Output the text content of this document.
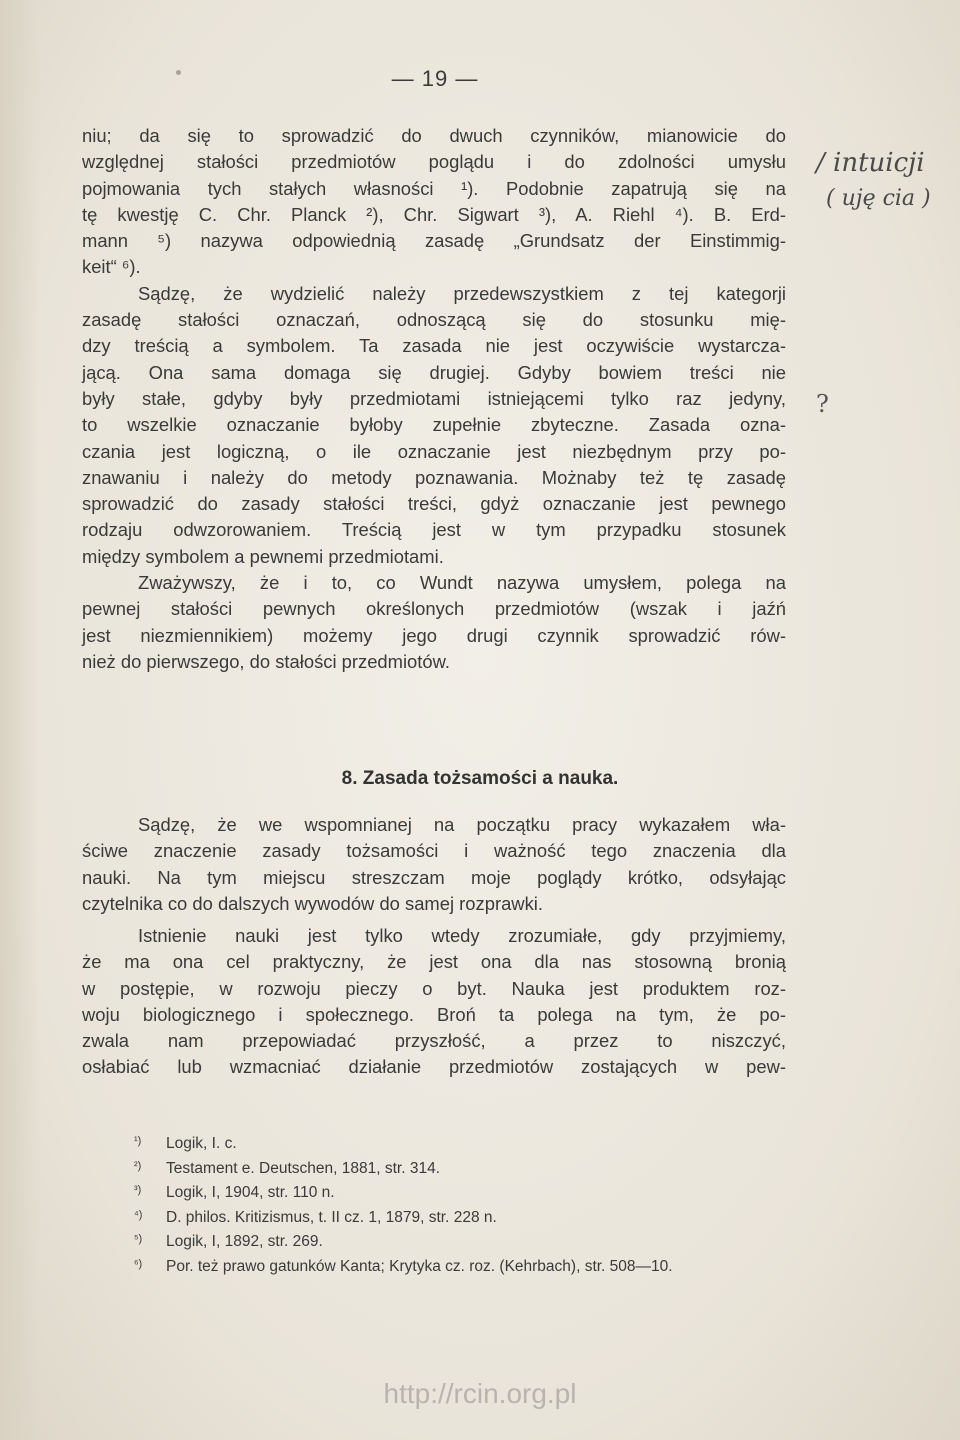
— 19 —
niu; da się to sprowadzić do dwuch czynników, mianowicie do
względnej stałości przedmiotów poglądu i do zdolności umysłu
pojmowania tych stałych własności ¹). Podobnie zapatrują się na
tę kwestję C. Chr. Planck ²), Chr. Sigwart ³), A. Riehl ⁴). B. Erd-
mann ⁵) nazywa odpowiednią zasadę „Grundsatz der Einstimmig-
keit“ ⁶).
Sądzę, że wydzielić należy przedewszystkiem z tej kategorji
zasadę stałości oznaczań, odnoszącą się do stosunku mię-
dzy treścią a symbolem. Ta zasada nie jest oczywiście wystarcza-
jącą. Ona sama domaga się drugiej. Gdyby bowiem treści nie
były stałe, gdyby były przedmiotami istniejącemi tylko raz jedyny,
to wszelkie oznaczanie byłoby zupełnie zbyteczne. Zasada ozna-
czania jest logiczną, o ile oznaczanie jest niezbędnym przy po-
znawaniu i należy do metody poznawania. Możnaby też tę zasadę
sprowadzić do zasady stałości treści, gdyż oznaczanie jest pewnego
rodzaju odwzorowaniem. Treścią jest w tym przypadku stosunek
między symbolem a pewnemi przedmiotami.
Zważywszy, że i to, co Wundt nazywa umysłem, polega na
pewnej stałości pewnych określonych przedmiotów (wszak i jaźń
jest niezmiennikiem) możemy jego drugi czynnik sprowadzić rów-
nież do pierwszego, do stałości przedmiotów.
8. Zasada tożsamości a nauka.
Sądzę, że we wspomnianej na początku pracy wykazałem wła-
ściwe znaczenie zasady tożsamości i ważność tego znaczenia dla
nauki. Na tym miejscu streszczam moje poglądy krótko, odsyłając
czytelnika co do dalszych wywodów do samej rozprawki.
Istnienie nauki jest tylko wtedy zrozumiałe, gdy przyjmiemy,
że ma ona cel praktyczny, że jest ona dla nas stosowną bronią
w postępie, w rozwoju pieczy o byt. Nauka jest produktem roz-
woju biologicznego i społecznego. Broń ta polega na tym, że po-
zwala nam przepowiadać przyszłość, a przez to niszczyć,
osłabiać lub wzmacniać działanie przedmiotów zostających w pew-
¹) Logik, I. c.
²) Testament e. Deutschen, 1881, str. 314.
³) Logik, I, 1904, str. 110 n.
⁴) D. philos. Kritizismus, t. II cz. 1, 1879, str. 228 n.
⁵) Logik, I, 1892, str. 269.
⁶) Por. też prawo gatunków Kanta; Krytyka cz. roz. (Kehrbach), str. 508—10.
/ intuicji
( uję cia )
?
http://rcin.org.pl
